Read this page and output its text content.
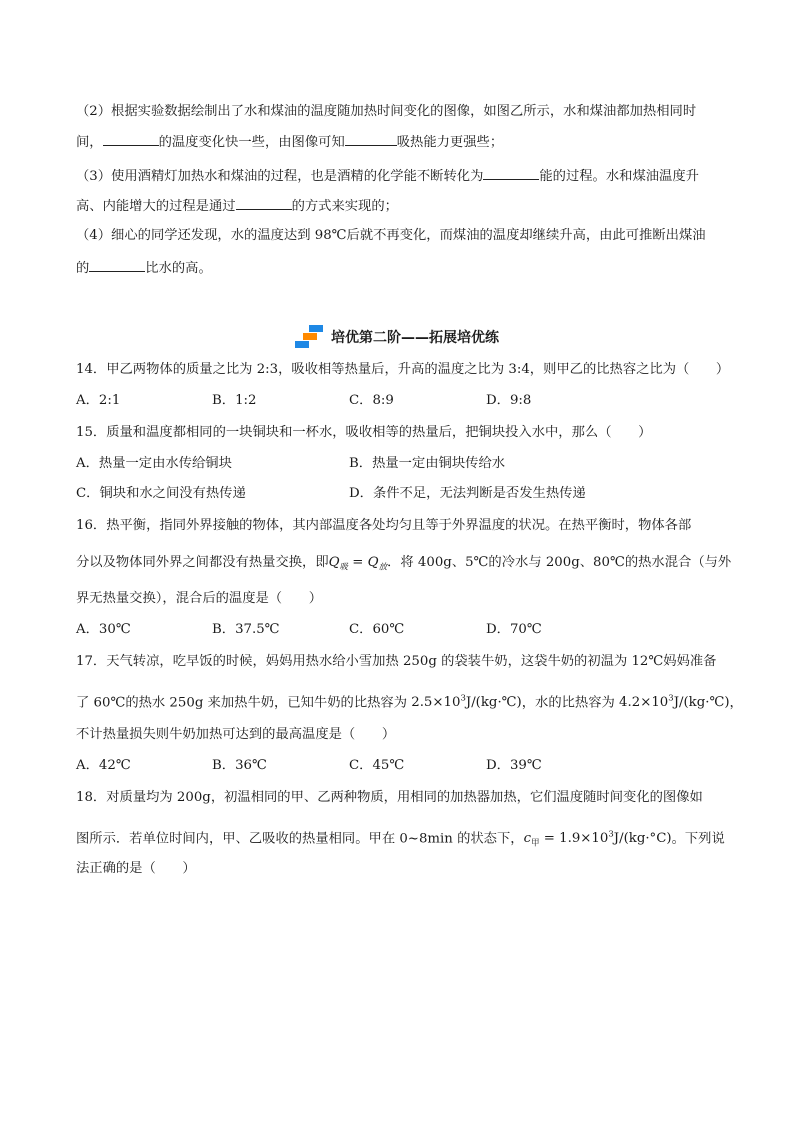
（2）根据实验数据绘制出了水和煤油的温度随加热时间变化的图像，如图乙所示，水和煤油都加热相同时
间，	的温度变化快一些，由图像可知	吸热能力更强些；
（3）使用酒精灯加热水和煤油的过程，也是酒精的化学能不断转化为	能的过程。水和煤油温度升
高、内能增大的过程是通过	的方式来实现的；
（4）细心的同学还发现，水的温度达到 98℃后就不再变化，而煤油的温度却继续升高，由此可推断出煤油
的	比水的高。
培优第二阶——拓展培优练
14．甲乙两物体的质量之比为 2:3，吸收相等热量后，升高的温度之比为 3:4，则甲乙的比热容之比为（　　）
A．2:1	B．1:2	C．8:9	D．9:8
15．质量和温度都相同的一块铜块和一杯水，吸收相等的热量后，把铜块投入水中，那么（　　）
A．热量一定由水传给铜块	B．热量一定由铜块传给水
C．铜块和水之间没有热传递	D．条件不足，无法判断是否发生热传递
16．热平衡，指同外界接触的物体，其内部温度各处均匀且等于外界温度的状况。在热平衡时，物体各部
分以及物体同外界之间都没有热量交换，即$Q_吸 = Q_放$．将 400g、5℃的冷水与 200g、80℃的热水混合（与外
界无热量交换），混合后的温度是（　　）
A．30℃	B．37.5℃	C．60℃	D．70℃
17．天气转凉，吃早饭的时候，妈妈用热水给小雪加热 250g 的袋装牛奶，这袋牛奶的初温为 12℃妈妈准备
了 60℃的热水 250g 来加热牛奶，已知牛奶的比热容为 $2.5\times 10^3J/(kg\cdot℃)$，水的比热容为 $4.2\times 10^3J/(kg\cdot℃)$，
不计热量损失则牛奶加热可达到的最高温度是（　　）
A．42℃	B．36℃	C．45℃	D．39℃
18．对质量均为 200g，初温相同的甲、乙两种物质，用相同的加热器加热，它们温度随时间变化的图像如
图所示．若单位时间内，甲、乙吸收的热量相同。甲在 0~8min 的状态下，$c_甲 = 1.9\times 10^3J/(kg\cdot^\circ C)$。下列说
法正确的是（　　）
